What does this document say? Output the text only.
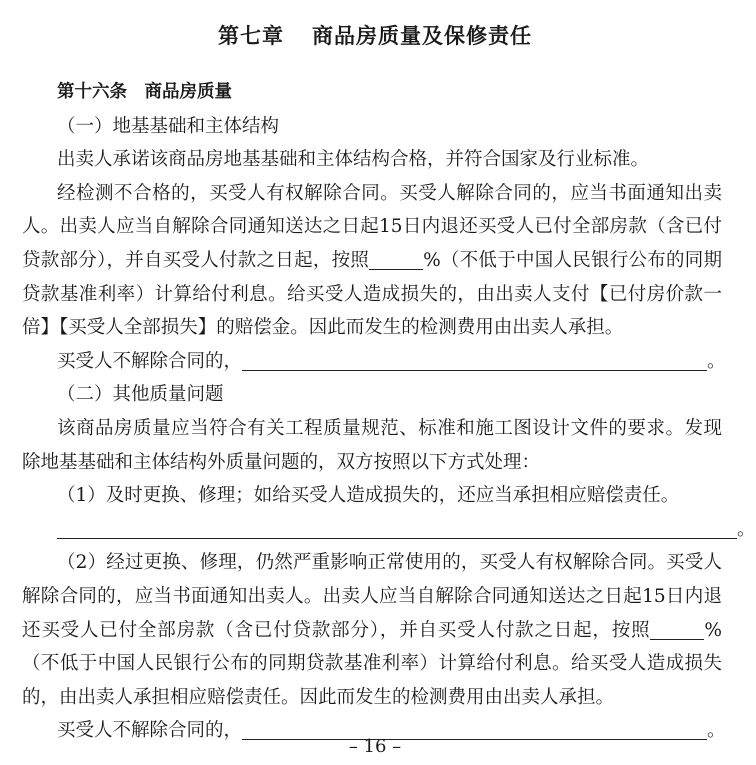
第七章 商品房质量及保修责任
第十六条　商品房质量
（一）地基基础和主体结构
出卖人承诺该商品房地基基础和主体结构合格，并符合国家及行业标准。
经检测不合格的，买受人有权解除合同。买受人解除合同的，应当书面通知出卖
人。出卖人应当自解除合同通知送达之日起15日内退还买受人已付全部房款（含已付
贷款部分），并自买受人付款之日起，按照	%（不低于中国人民银行公布的同期
贷款基准利率）计算给付利息。给买受人造成损失的，由出卖人支付【已付房价款一
倍】【买受人全部损失】的赔偿金。因此而发生的检测费用由出卖人承担。
买受人不解除合同的，	。
（二）其他质量问题
该商品房质量应当符合有关工程质量规范、标准和施工图设计文件的要求。发现
除地基基础和主体结构外质量问题的，双方按照以下方式处理：
（1）及时更换、修理；如给买受人造成损失的，还应当承担相应赔偿责任。
。
（2）经过更换、修理，仍然严重影响正常使用的，买受人有权解除合同。买受人
解除合同的，应当书面通知出卖人。出卖人应当自解除合同通知送达之日起15日内退
还买受人已付全部房款（含已付贷款部分），并自买受人付款之日起，按照	%
（不低于中国人民银行公布的同期贷款基准利率）计算给付利息。给买受人造成损失
的，由出卖人承担相应赔偿责任。因此而发生的检测费用由出卖人承担。
买受人不解除合同的，	。
– 16 –
